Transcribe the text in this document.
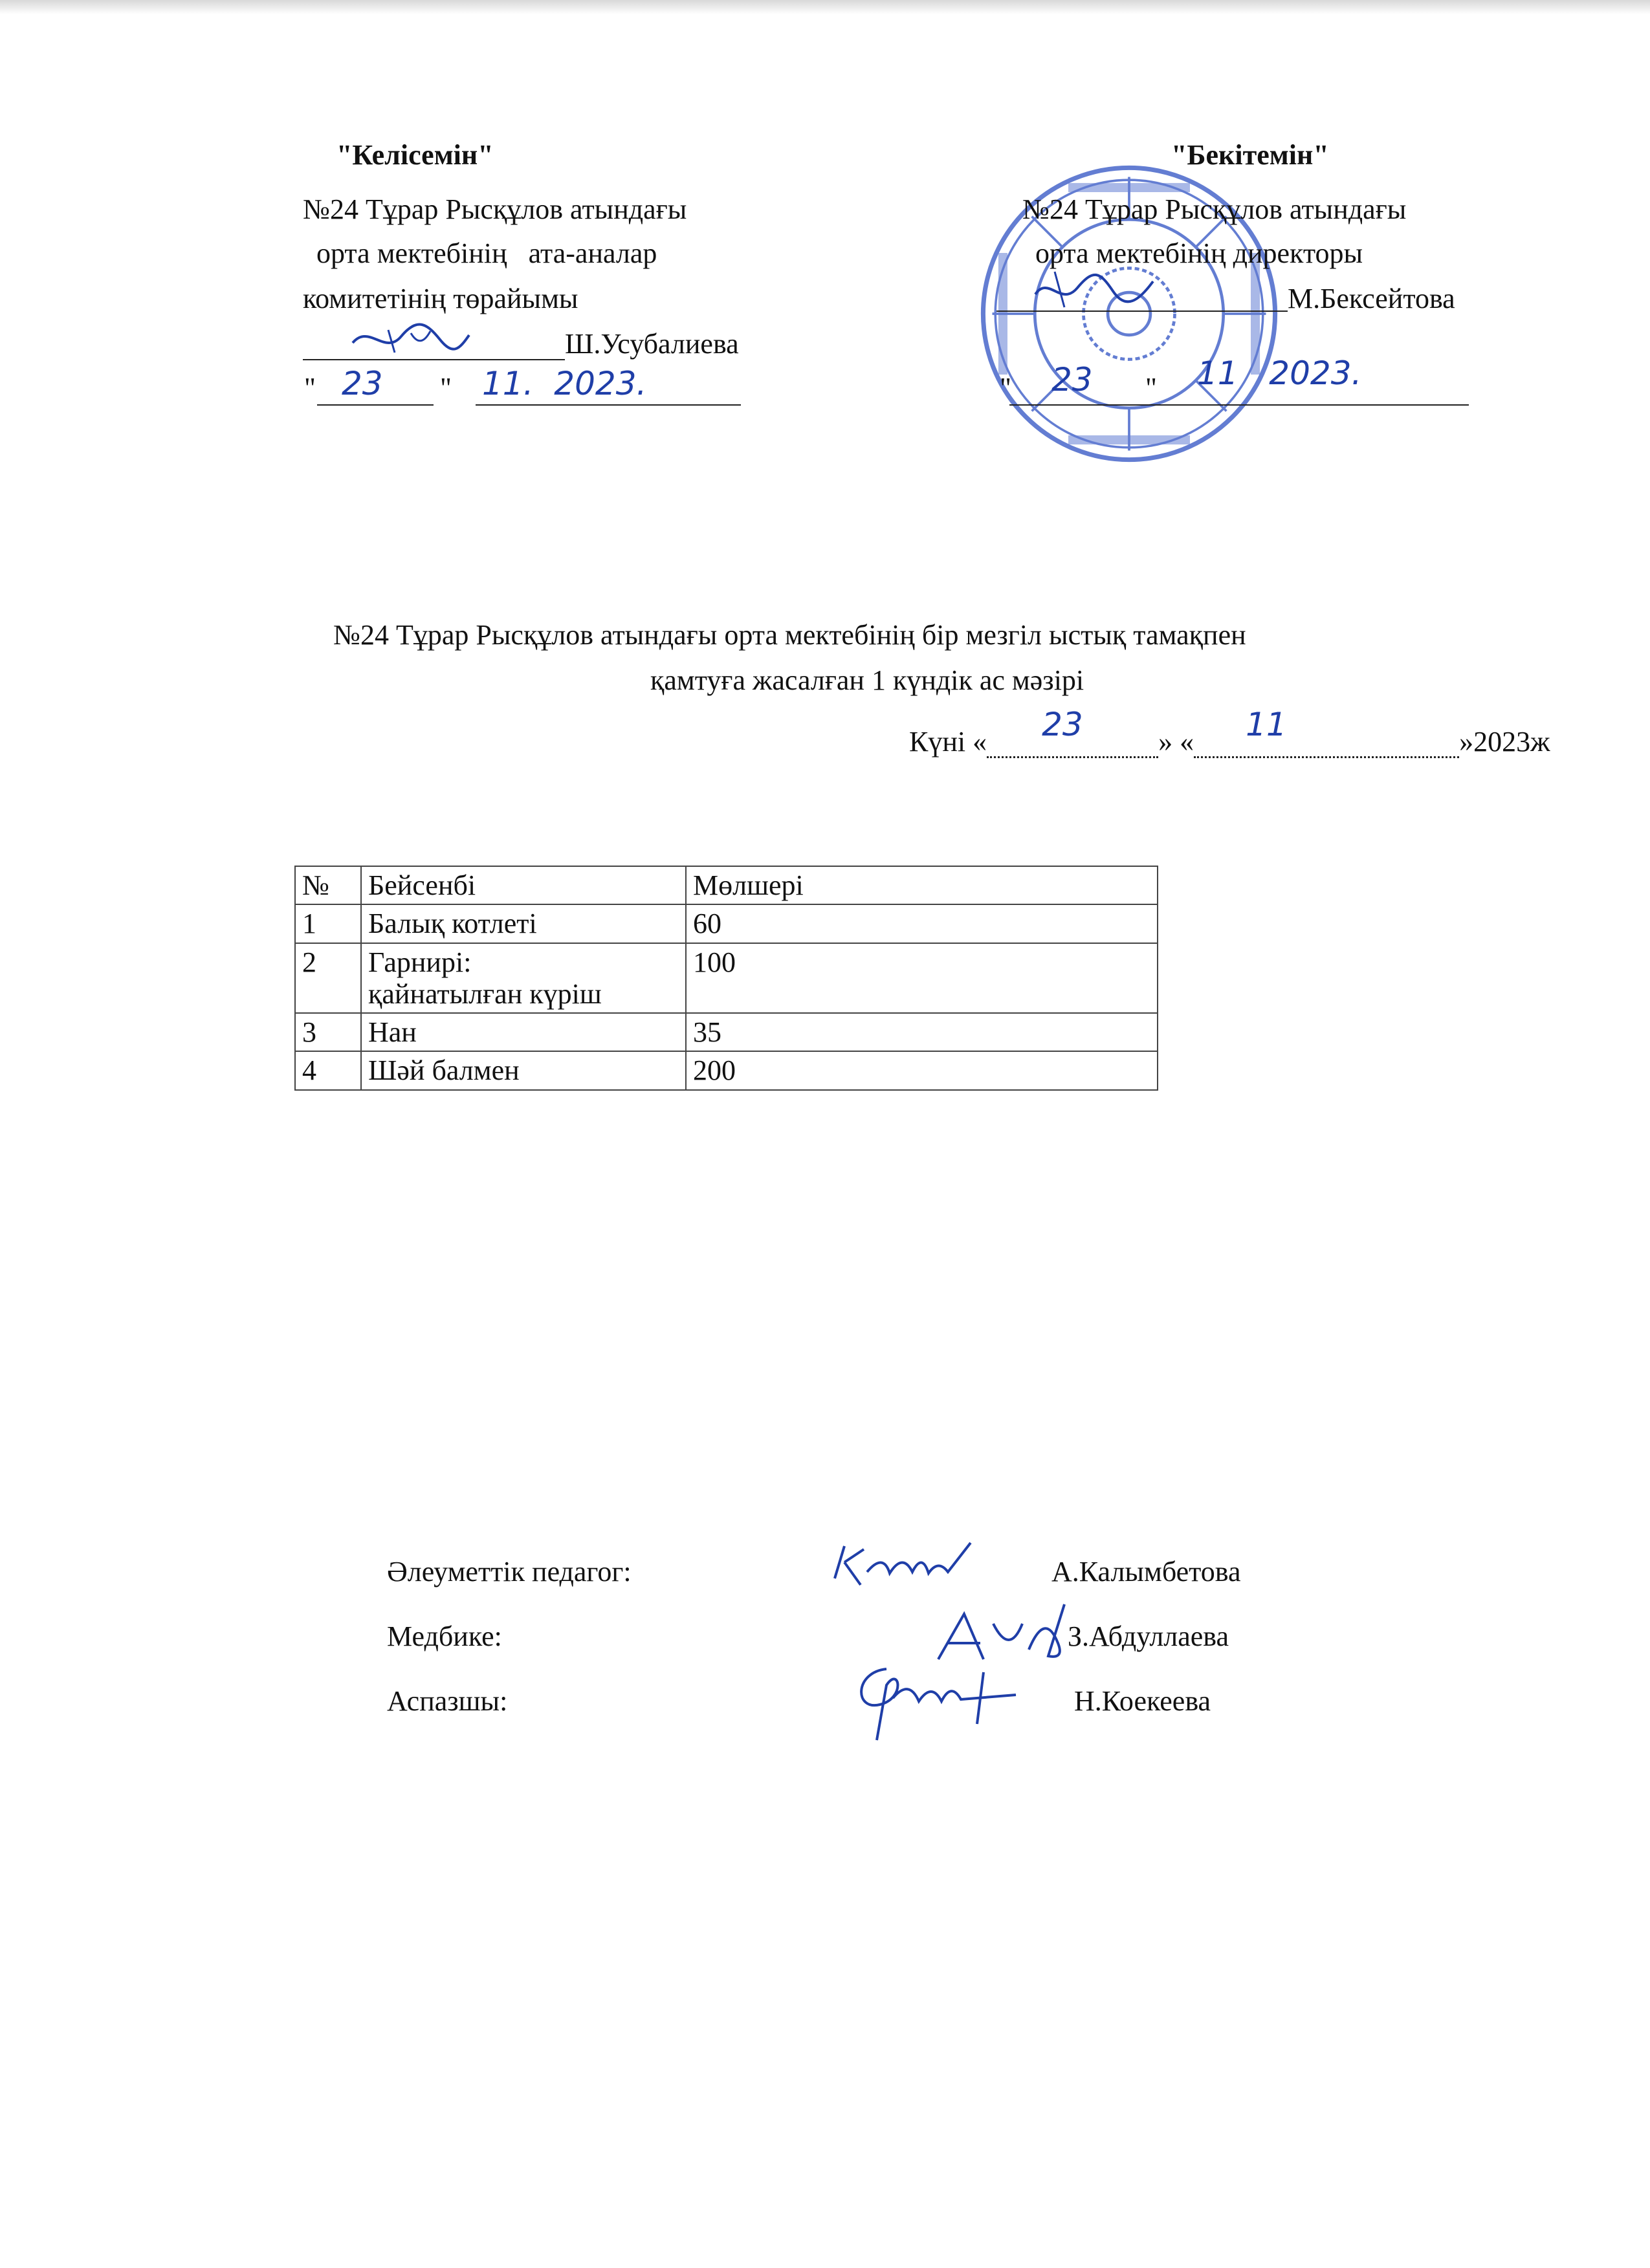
"Келісемін"
№24 Тұрар Рысқұлов атындағы
орта мектебінің   ата-аналар
комитетінің төрайымы
Ш.Усубалиева
" 23 " 11.  2023.
"Бекітемін"
№24 Тұрар Рысқұлов атындағы
орта мектебінің директоры
М.Бексейтова
" 23 " 11   2023.
№24 Тұрар Рысқұлов атындағы орта мектебінің бір мезгіл ыстық тамақпен
қамтуға жасалған 1 күндік ас мәзірі
Күні « 23	» « 11	»2023ж
№	Бейсенбі	Мөлшері
1	Балық котлеті	60
2	Гарнирі:
қайнатылған күріш	100
3	Нан	35
4	Шәй балмен	200
Әлеуметтік педагог:	А.Калымбетова
Медбике:	З.Абдуллаева
Аспазшы:	Н.Коекеева
